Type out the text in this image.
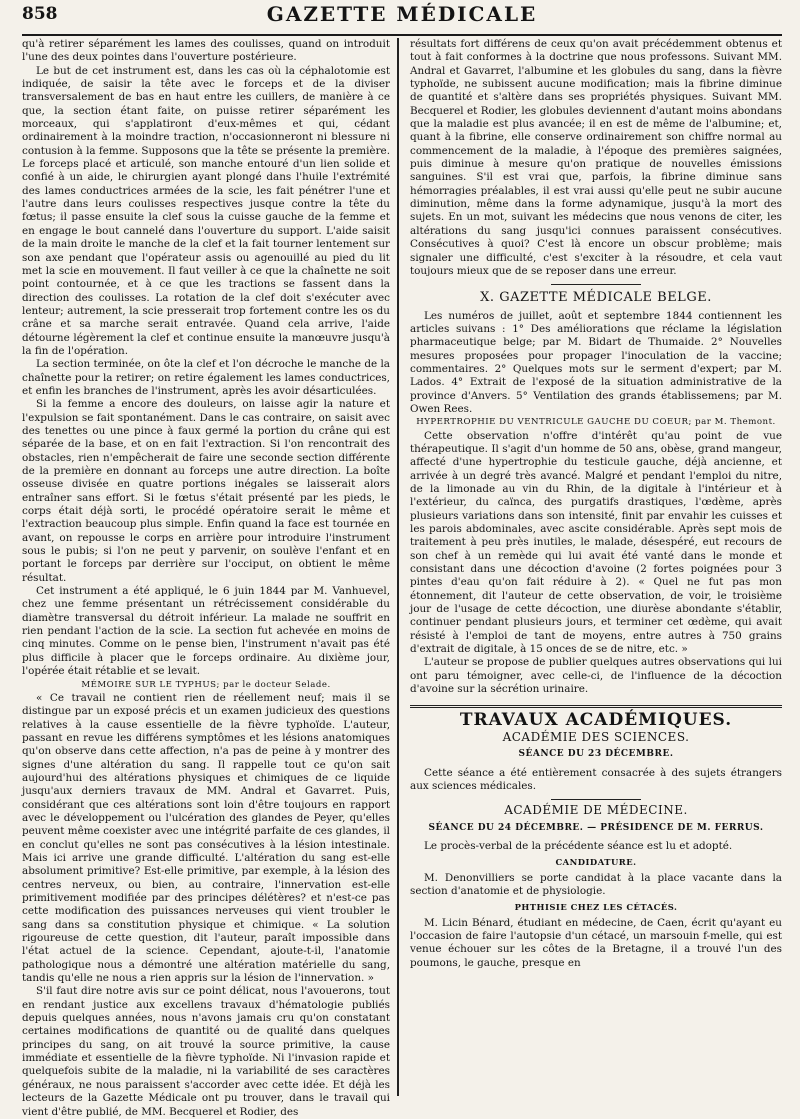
858	GAZETTE MÉDICALE

qu'à retirer séparément les lames des coulisses, quand on introduit l'une des deux pointes dans l'ouverture postérieure.

Le but de cet instrument est, dans les cas où la céphalotomie est indiquée, de saisir la tête avec le forceps et de la diviser transversalement de bas en haut entre les cuillers, de manière à ce que, la section étant faite, on puisse retirer séparément les morceaux, qui s'applatiront d'eux-mêmes et qui, cédant ordinairement à la moindre traction, n'occasionneront ni blessure ni contusion à la femme. Supposons que la tête se présente la première. Le forceps placé et articulé, son manche entouré d'un lien solide et confié à un aide, le chirurgien ayant plongé dans l'huile l'extrémité des lames conductrices armées de la scie, les fait pénétrer l'une et l'autre dans leurs coulisses respectives jusque contre la tête du fœtus; il passe ensuite la clef sous la cuisse gauche de la femme et en engage le bout cannelé dans l'ouverture du support. L'aide saisit de la main droite le manche de la clef et la fait tourner lentement sur son axe pendant que l'opérateur assis ou agenouillé au pied du lit met la scie en mouvement. Il faut veiller à ce que la chaînette ne soit point contournée, et à ce que les tractions se fassent dans la direction des coulisses. La rotation de la clef doit s'exécuter avec lenteur; autrement, la scie presserait trop fortement contre les os du crâne et sa marche serait entravée. Quand cela arrive, l'aide détourne légèrement la clef et continue ensuite la manœuvre jusqu'à la fin de l'opération.

La section terminée, on ôte la clef et l'on décroche le manche de la chaînette pour la retirer; on retire également les lames conductrices, et enfin les branches de l'instrument, après les avoir désarticulées.

Si la femme a encore des douleurs, on laisse agir la nature et l'expulsion se fait spontanément. Dans le cas contraire, on saisit avec des tenettes ou une pince à faux germé la portion du crâne qui est séparée de la base, et on en fait l'extraction. Si l'on rencontrait des obstacles, rien n'empêcherait de faire une seconde section différente de la première en donnant au forceps une autre direction. La boîte osseuse divisée en quatre portions inégales se laisserait alors entraîner sans effort. Si le fœtus s'était présenté par les pieds, le corps était déjà sorti, le procédé opératoire serait le même et l'extraction beaucoup plus simple. Enfin quand la face est tournée en avant, on repousse le corps en arrière pour introduire l'instrument sous le pubis; si l'on ne peut y parvenir, on soulève l'enfant et en portant le forceps par derrière sur l'occiput, on obtient le même résultat.

Cet instrument a été appliqué, le 6 juin 1844 par M. Vanhuevel, chez une femme présentant un rétrécissement considérable du diamètre transversal du détroit inférieur. La malade ne souffrit en rien pendant l'action de la scie. La section fut achevée en moins de cinq minutes. Comme on le pense bien, l'instrument n'avait pas été plus difficile à placer que le forceps ordinaire. Au dixième jour, l'opérée était rétablie et se levait.

MÉMOIRE SUR LE TYPHUS; par le docteur Selade.

« Ce travail ne contient rien de réellement neuf; mais il se distingue par un exposé précis et un examen judicieux des questions relatives à la cause essentielle de la fièvre typhoïde. L'auteur, passant en revue les différens symptômes et les lésions anatomiques qu'on observe dans cette affection, n'a pas de peine à y montrer des signes d'une altération du sang. Il rappelle tout ce qu'on sait aujourd'hui des altérations physiques et chimiques de ce liquide jusqu'aux derniers travaux de MM. Andral et Gavarret. Puis, considérant que ces altérations sont loin d'être toujours en rapport avec le développement ou l'ulcération des glandes de Peyer, qu'elles peuvent même coexister avec une intégrité parfaite de ces glandes, il en conclut qu'elles ne sont pas consécutives à la lésion intestinale. Mais ici arrive une grande difficulté. L'altération du sang est-elle absolument primitive? Est-elle primitive, par exemple, à la lésion des centres nerveux, ou bien, au contraire, l'innervation est-elle primitivement modifiée par des principes délétères? et n'est-ce pas cette modification des puissances nerveuses qui vient troubler le sang dans sa constitution physique et chimique. « La solution rigoureuse de cette question, dit l'auteur, paraît impossible dans l'état actuel de la science. Cependant, ajoute-t-il, l'anatomie pathologique nous a démontré une altération matérielle du sang, tandis qu'elle ne nous a rien appris sur la lésion de l'innervation. »

S'il faut dire notre avis sur ce point délicat, nous l'avouerons, tout en rendant justice aux excellens travaux d'hématologie publiés depuis quelques années, nous n'avons jamais cru qu'on constatant certaines modifications de quantité ou de qualité dans quelques principes du sang, on ait trouvé la source primitive, la cause immédiate et essentielle de la fièvre typhoïde. Ni l'invasion rapide et quelquefois subite de la maladie, ni la variabilité de ses caractères généraux, ne nous paraissent s'accorder avec cette idée. Et déjà les lecteurs de la Gazette Médicale ont pu trouver, dans le travail qui vient d'être publié, de MM. Becquerel et Rodier, des

résultats fort différens de ceux qu'on avait précédemment obtenus et tout à fait conformes à la doctrine que nous professons. Suivant MM. Andral et Gavarret, l'albumine et les globules du sang, dans la fièvre typhoïde, ne subissent aucune modification; mais la fibrine diminue de quantité et s'altère dans ses propriétés physiques. Suivant MM. Becquerel et Rodier, les globules deviennent d'autant moins abondans que la maladie est plus avancée; il en est de même de l'albumine; et, quant à la fibrine, elle conserve ordinairement son chiffre normal au commencement de la maladie, à l'époque des premières saignées, puis diminue à mesure qu'on pratique de nouvelles émissions sanguines. S'il est vrai que, parfois, la fibrine diminue sans hémorragies préalables, il est vrai aussi qu'elle peut ne subir aucune diminution, même dans la forme adynamique, jusqu'à la mort des sujets. En un mot, suivant les médecins que nous venons de citer, les altérations du sang jusqu'ici connues paraissent consécutives. Consécutives à quoi? C'est là encore un obscur problème; mais signaler une difficulté, c'est s'exciter à la résoudre, et cela vaut toujours mieux que de se reposer dans une erreur.

X. GAZETTE MÉDICALE BELGE.

Les numéros de juillet, août et septembre 1844 contiennent les articles suivans : 1° Des améliorations que réclame la législation pharmaceutique belge; par M. Bidart de Thumaide. 2° Nouvelles mesures proposées pour propager l'inoculation de la vaccine; commentaires. 2° Quelques mots sur le serment d'expert; par M. Lados. 4° Extrait de l'exposé de la situation administrative de la province d'Anvers. 5° Ventilation des grands établissemens; par M. Owen Rees.

HYPERTROPHIE DU VENTRICULE GAUCHE DU COEUR; par M. Themont.

Cette observation n'offre d'intérêt qu'au point de vue thérapeutique. Il s'agit d'un homme de 50 ans, obèse, grand mangeur, affecté d'une hypertrophie du testicule gauche, déjà ancienne, et arrivée à un degré très avancé. Malgré et pendant l'emploi du nitre, de la limonade au vin du Rhin, de la digitale à l'intérieur et à l'extérieur, du caïnca, des purgatifs drastiques, l'œdème, après plusieurs variations dans son intensité, finit par envahir les cuisses et les parois abdominales, avec ascite considérable. Après sept mois de traitement à peu près inutiles, le malade, désespéré, eut recours de son chef à un remède qui lui avait été vanté dans le monde et consistant dans une décoction d'avoine (2 fortes poignées pour 3 pintes d'eau qu'on fait réduire à 2). « Quel ne fut pas mon étonnement, dit l'auteur de cette observation, de voir, le troisième jour de l'usage de cette décoction, une diurèse abondante s'établir, continuer pendant plusieurs jours, et terminer cet œdème, qui avait résisté à l'emploi de tant de moyens, entre autres à 750 grains d'extrait de digitale, à 15 onces de se de nitre, etc. »

L'auteur se propose de publier quelques autres observations qui lui ont paru témoigner, avec celle-ci, de l'influence de la décoction d'avoine sur la sécrétion urinaire.

TRAVAUX ACADÉMIQUES.
ACADÉMIE DES SCIENCES.
SÉANCE DU 23 DÉCEMBRE.

Cette séance a été entièrement consacrée à des sujets étrangers aux sciences médicales.

ACADÉMIE DE MÉDECINE.
SÉANCE DU 24 DÉCEMBRE. — PRÉSIDENCE DE M. FERRUS.

Le procès-verbal de la précédente séance est lu et adopté.

CANDIDATURE.

M. Denonvilliers se porte candidat à la place vacante dans la section d'anatomie et de physiologie.

PHTHISIE CHEZ LES CÉTACÉS.

M. Licin Bénard, étudiant en médecine, de Caen, écrit qu'ayant eu l'occasion de faire l'autopsie d'un cétacé, un marsouin f-melle, qui est venue échouer sur les côtes de la Bretagne, il a trouvé l'un des poumons, le gauche, presque en
